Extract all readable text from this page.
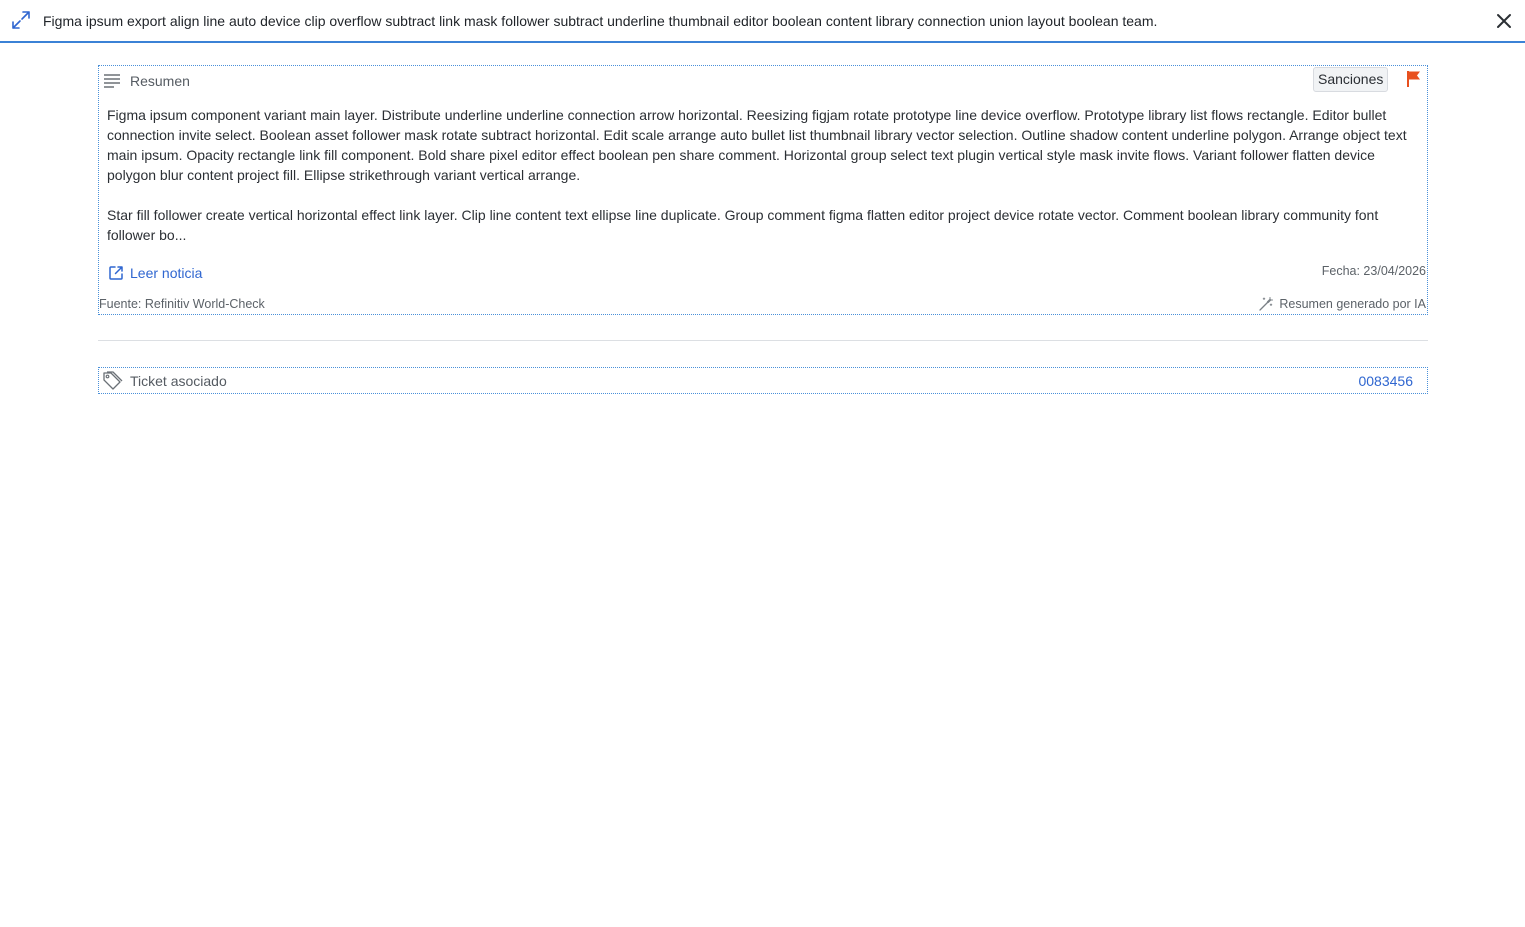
Figma ipsum export align line auto device clip overflow subtract link mask follower subtract underline thumbnail editor boolean content library connection union layout boolean team.
Resumen	Sanciones

Figma ipsum component variant main layer. Distribute underline underline connection arrow horizontal. Reesizing figjam rotate prototype line device overflow. Prototype library list flows rectangle. Editor bullet connection invite select. Boolean asset follower mask rotate subtract horizontal. Edit scale arrange auto bullet list thumbnail library vector selection. Outline shadow content underline polygon. Arrange object text main ipsum. Opacity rectangle link fill component. Bold share pixel editor effect boolean pen share comment. Horizontal group select text plugin vertical style mask invite flows. Variant follower flatten device polygon blur content project fill. Ellipse strikethrough variant vertical arrange.

Star fill follower create vertical horizontal effect link layer. Clip line content text ellipse line duplicate. Group comment figma flatten editor project device rotate vector. Comment boolean library community font follower bo...

Leer noticia	Fecha: 23/04/2026
Fuente: Refinitiv World-Check	Resumen generado por IA
Ticket asociado	0083456
